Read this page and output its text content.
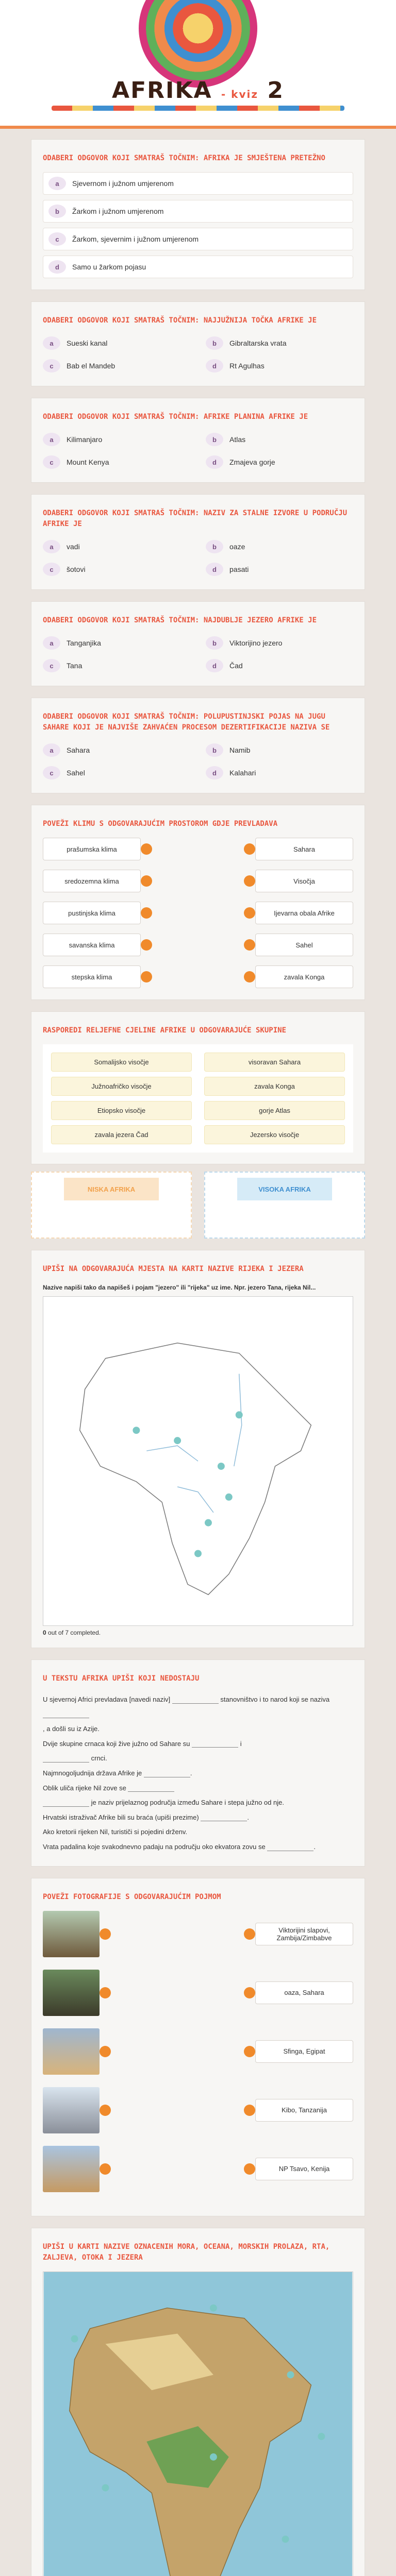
AFRIKA - kviz 2
ODABERI ODGOVOR KOJI SMATRAŠ TOČNIM: AFRIKA JE SMJEŠTENA PRETEŽNO
a	Sjevernom i južnom umjerenom
b	Žarkom i južnom umjerenom
c	Žarkom, sjevernim i južnom umjerenom
d	Samo u žarkom pojasu
ODABERI ODGOVOR KOJI SMATRAŠ TOČNIM: NAJJUŽNIJA TOČKA AFRIKE JE
a	Sueski kanal	b	Gibraltarska vrata
c	Bab el Mandeb	d	Rt Agulhas
ODABERI ODGOVOR KOJI SMATRAŠ TOČNIM: AFRIKE PLANINA AFRIKE JE
a	Kilimanjaro	b	Atlas
c	Mount Kenya	d	Zmajeva gorje
ODABERI ODGOVOR KOJI SMATRAŠ TOČNIM: NAZIV ZA STALNE IZVORE U PODRUČJU AFRIKE JE
a	vadi	b	oaze
c	šotovi	d	pasati
ODABERI ODGOVOR KOJI SMATRAŠ TOČNIM: NAJDUBLJE JEZERO AFRIKE JE
a	Tanganjika	b	Viktorijino jezero
c	Tana	d	Čad
ODABERI ODGOVOR KOJI SMATRAŠ TOČNIM: POLUPUSTINJSKI POJAS NA JUGU SAHARE KOJI JE NAJVIŠE ZAHVAĆEN PROCESOM DEZERTIFIKACIJE NAZIVA SE
a	Sahara	b	Namib
c	Sahel	d	Kalahari
POVEŽI KLIMU S ODGOVARAJUĆIM PROSTOROM GDJE PREVLADAVA
prašumska klima	Sahara
sredozemna klima	Visočja
pustinjska klima	Ijevarna obala Afrike
savanska klima	Sahel
stepska klima	zavala Konga
RASPOREDI RELJEFNE CJELINE AFRIKE U ODGOVARAJUĆE SKUPINE
Somalijsko visočje	visoravan Sahara
Južnoafričko visočje	zavala Konga
Etiopsko visočje	gorje Atlas
zavala jezera Čad	Jezersko visočje
NISKA AFRIKA	VISOKA AFRIKA
UPIŠI NA ODGOVARAJUĆA MJESTA NA KARTI NAZIVE RIJEKA I JEZERA
Nazive napiši tako da napišeš i pojam "jezero" ili "rijeka" uz ime. Npr. jezero Tana, rijeka Nil...
0 out of 7 completed.
U TEKSTU AFRIKA UPIŠI KOJI NEDOSTAJU
U sjevernoj Africi prevladava [navedi naziv]	stanovništvo i to narod koji se naziva
, a došli su iz Azije.
Dvije skupine crnaca koji žive južno od Sahare su	i
crnci.
Najmnogoljudnija država Afrike je	.
Oblik uliča rijeke Nil zove se
je naziv prijelaznog područja između Sahare i stepa južno od nje.
Hrvatski istraživač Afrike bili su braća (upiši prezime)	.
Ako kretorii rijeken Nil, turističi si pojedini drženv.
Vrata padalina koje svakodnevno padaju na području oko ekvatora zovu se	.
POVEŽI FOTOGRAFIJE S ODGOVARAJUĆIM POJMOM
Viktorijini slapovi, Zambija/Zimbabve
oaza, Sahara
Sfinga, Egipat
Kibo, Tanzanija
NP Tsavo, Kenija
UPIŠI U KARTI NAZIVE OZNACENIH MORA, OCEANA, MORSKIH PROLAZA, RTA, ZALJEVA, OTOKA I JEZERA
